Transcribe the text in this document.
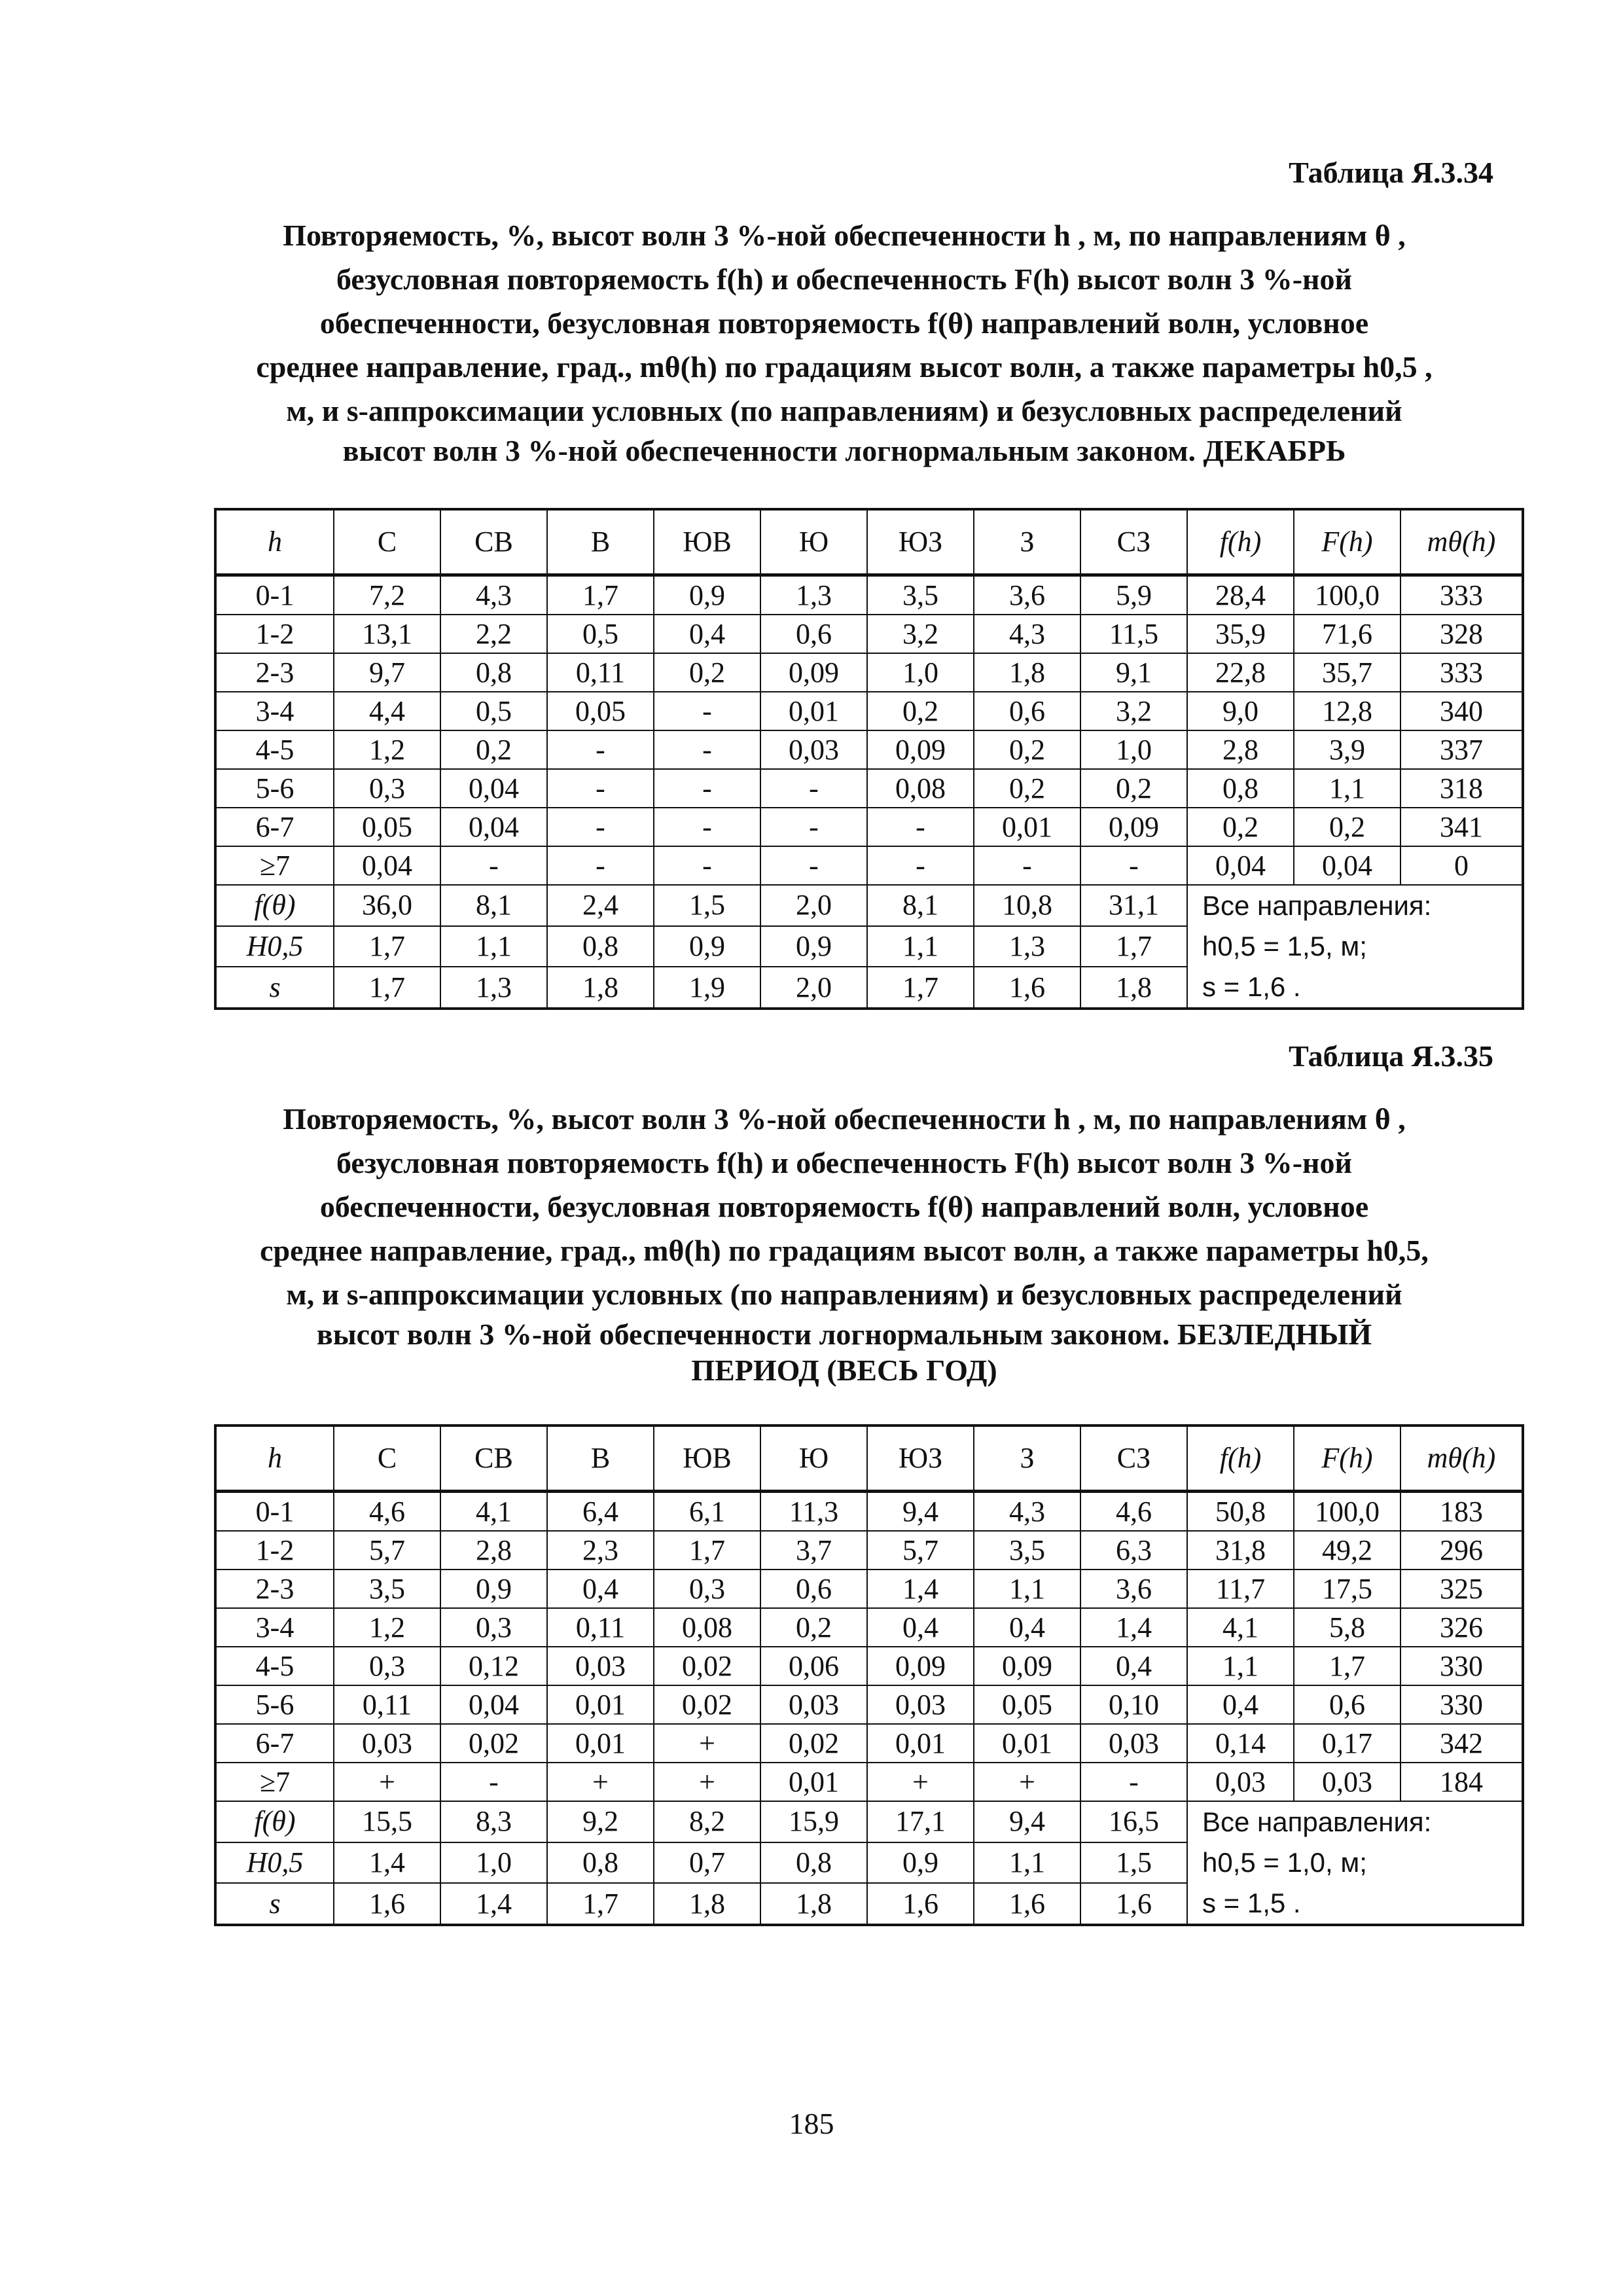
Таблица Я.3.34
Повторяемость, %, высот волн 3 %-ной обеспеченности h , м, по направлениям θ ,
безусловная повторяемость f(h) и обеспеченность F(h) высот волн 3 %-ной
обеспеченности, безусловная повторяемость f(θ) направлений волн, условное
среднее направление, град., mθ(h) по градациям высот волн, а также параметры h0,5 ,
м, и s-аппроксимации условных (по направлениям) и безусловных распределений
высот волн 3 %-ной обеспеченности логнормальным законом. ДЕКАБРЬ
h	С	СВ	В	ЮВ	Ю	ЮЗ	З	СЗ	f(h)	F(h)	mθ(h)
0-1	7,2	4,3	1,7	0,9	1,3	3,5	3,6	5,9	28,4	100,0	333
1-2	13,1	2,2	0,5	0,4	0,6	3,2	4,3	11,5	35,9	71,6	328
2-3	9,7	0,8	0,11	0,2	0,09	1,0	1,8	9,1	22,8	35,7	333
3-4	4,4	0,5	0,05	-	0,01	0,2	0,6	3,2	9,0	12,8	340
4-5	1,2	0,2	-	-	0,03	0,09	0,2	1,0	2,8	3,9	337
5-6	0,3	0,04	-	-	-	0,08	0,2	0,2	0,8	1,1	318
6-7	0,05	0,04	-	-	-	-	0,01	0,09	0,2	0,2	341
≥7	0,04	-	-	-	-	-	-	-	0,04	0,04	0
f(θ)	36,0	8,1	2,4	1,5	2,0	8,1	10,8	31,1	Все направления:
h0,5 = 1,5, м;
s = 1,6 .		

H0,5	1,7	1,1	0,8	0,9	0,9	1,1	1,3	1,7			
s	1,7	1,3	1,8	1,9	2,0	1,7	1,6	1,8			
Таблица Я.3.35
Повторяемость, %, высот волн 3 %-ной обеспеченности h , м, по направлениям θ ,
безусловная повторяемость f(h) и обеспеченность F(h) высот волн 3 %-ной
обеспеченности, безусловная повторяемость f(θ) направлений волн, условное
среднее направление, град., mθ(h) по градациям высот волн, а также параметры h0,5,
м, и s-аппроксимации условных (по направлениям) и безусловных распределений
высот волн 3 %-ной обеспеченности логнормальным законом. БЕЗЛЕДНЫЙ
ПЕРИОД (ВЕСЬ ГОД)
h	С	СВ	В	ЮВ	Ю	ЮЗ	З	СЗ	f(h)	F(h)	mθ(h)
0-1	4,6	4,1	6,4	6,1	11,3	9,4	4,3	4,6	50,8	100,0	183
1-2	5,7	2,8	2,3	1,7	3,7	5,7	3,5	6,3	31,8	49,2	296
2-3	3,5	0,9	0,4	0,3	0,6	1,4	1,1	3,6	11,7	17,5	325
3-4	1,2	0,3	0,11	0,08	0,2	0,4	0,4	1,4	4,1	5,8	326
4-5	0,3	0,12	0,03	0,02	0,06	0,09	0,09	0,4	1,1	1,7	330
5-6	0,11	0,04	0,01	0,02	0,03	0,03	0,05	0,10	0,4	0,6	330
6-7	0,03	0,02	0,01	+	0,02	0,01	0,01	0,03	0,14	0,17	342
≥7	+	-	+	+	0,01	+	+	-	0,03	0,03	184
f(θ)	15,5	8,3	9,2	8,2	15,9	17,1	9,4	16,5	Все направления:
h0,5 = 1,0, м;
s = 1,5 .		

H0,5	1,4	1,0	0,8	0,7	0,8	0,9	1,1	1,5			
s	1,6	1,4	1,7	1,8	1,8	1,6	1,6	1,6			
185
